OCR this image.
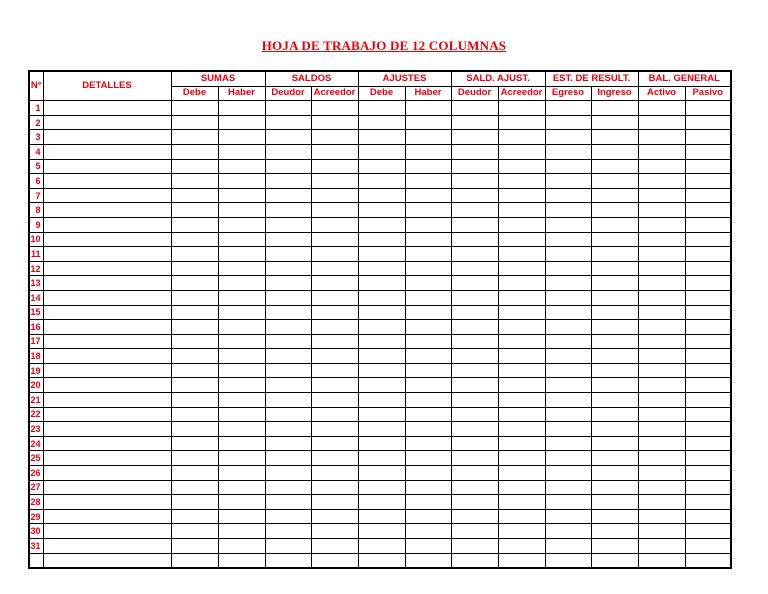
HOJA DE TRABAJO DE 12 COLUMNAS
N°	DETALLES	SUMAS		SALDOS		AJUSTES		SALD. AJUST.		EST. DE RESULT.		BAL. GENERAL	
		Debe	Haber	Deudor	Acreedor	Debe	Haber	Deudor	Acreedor	Egreso	Ingreso	Activo	Pasivo
1													
2													
3													
4													
5													
6													
7													
8													
9													
10													
11													
12													
13													
14													
15													
16													
17													
18													
19													
20													
21													
22													
23													
24													
25													
26													
27													
28													
29													
30													
31													
